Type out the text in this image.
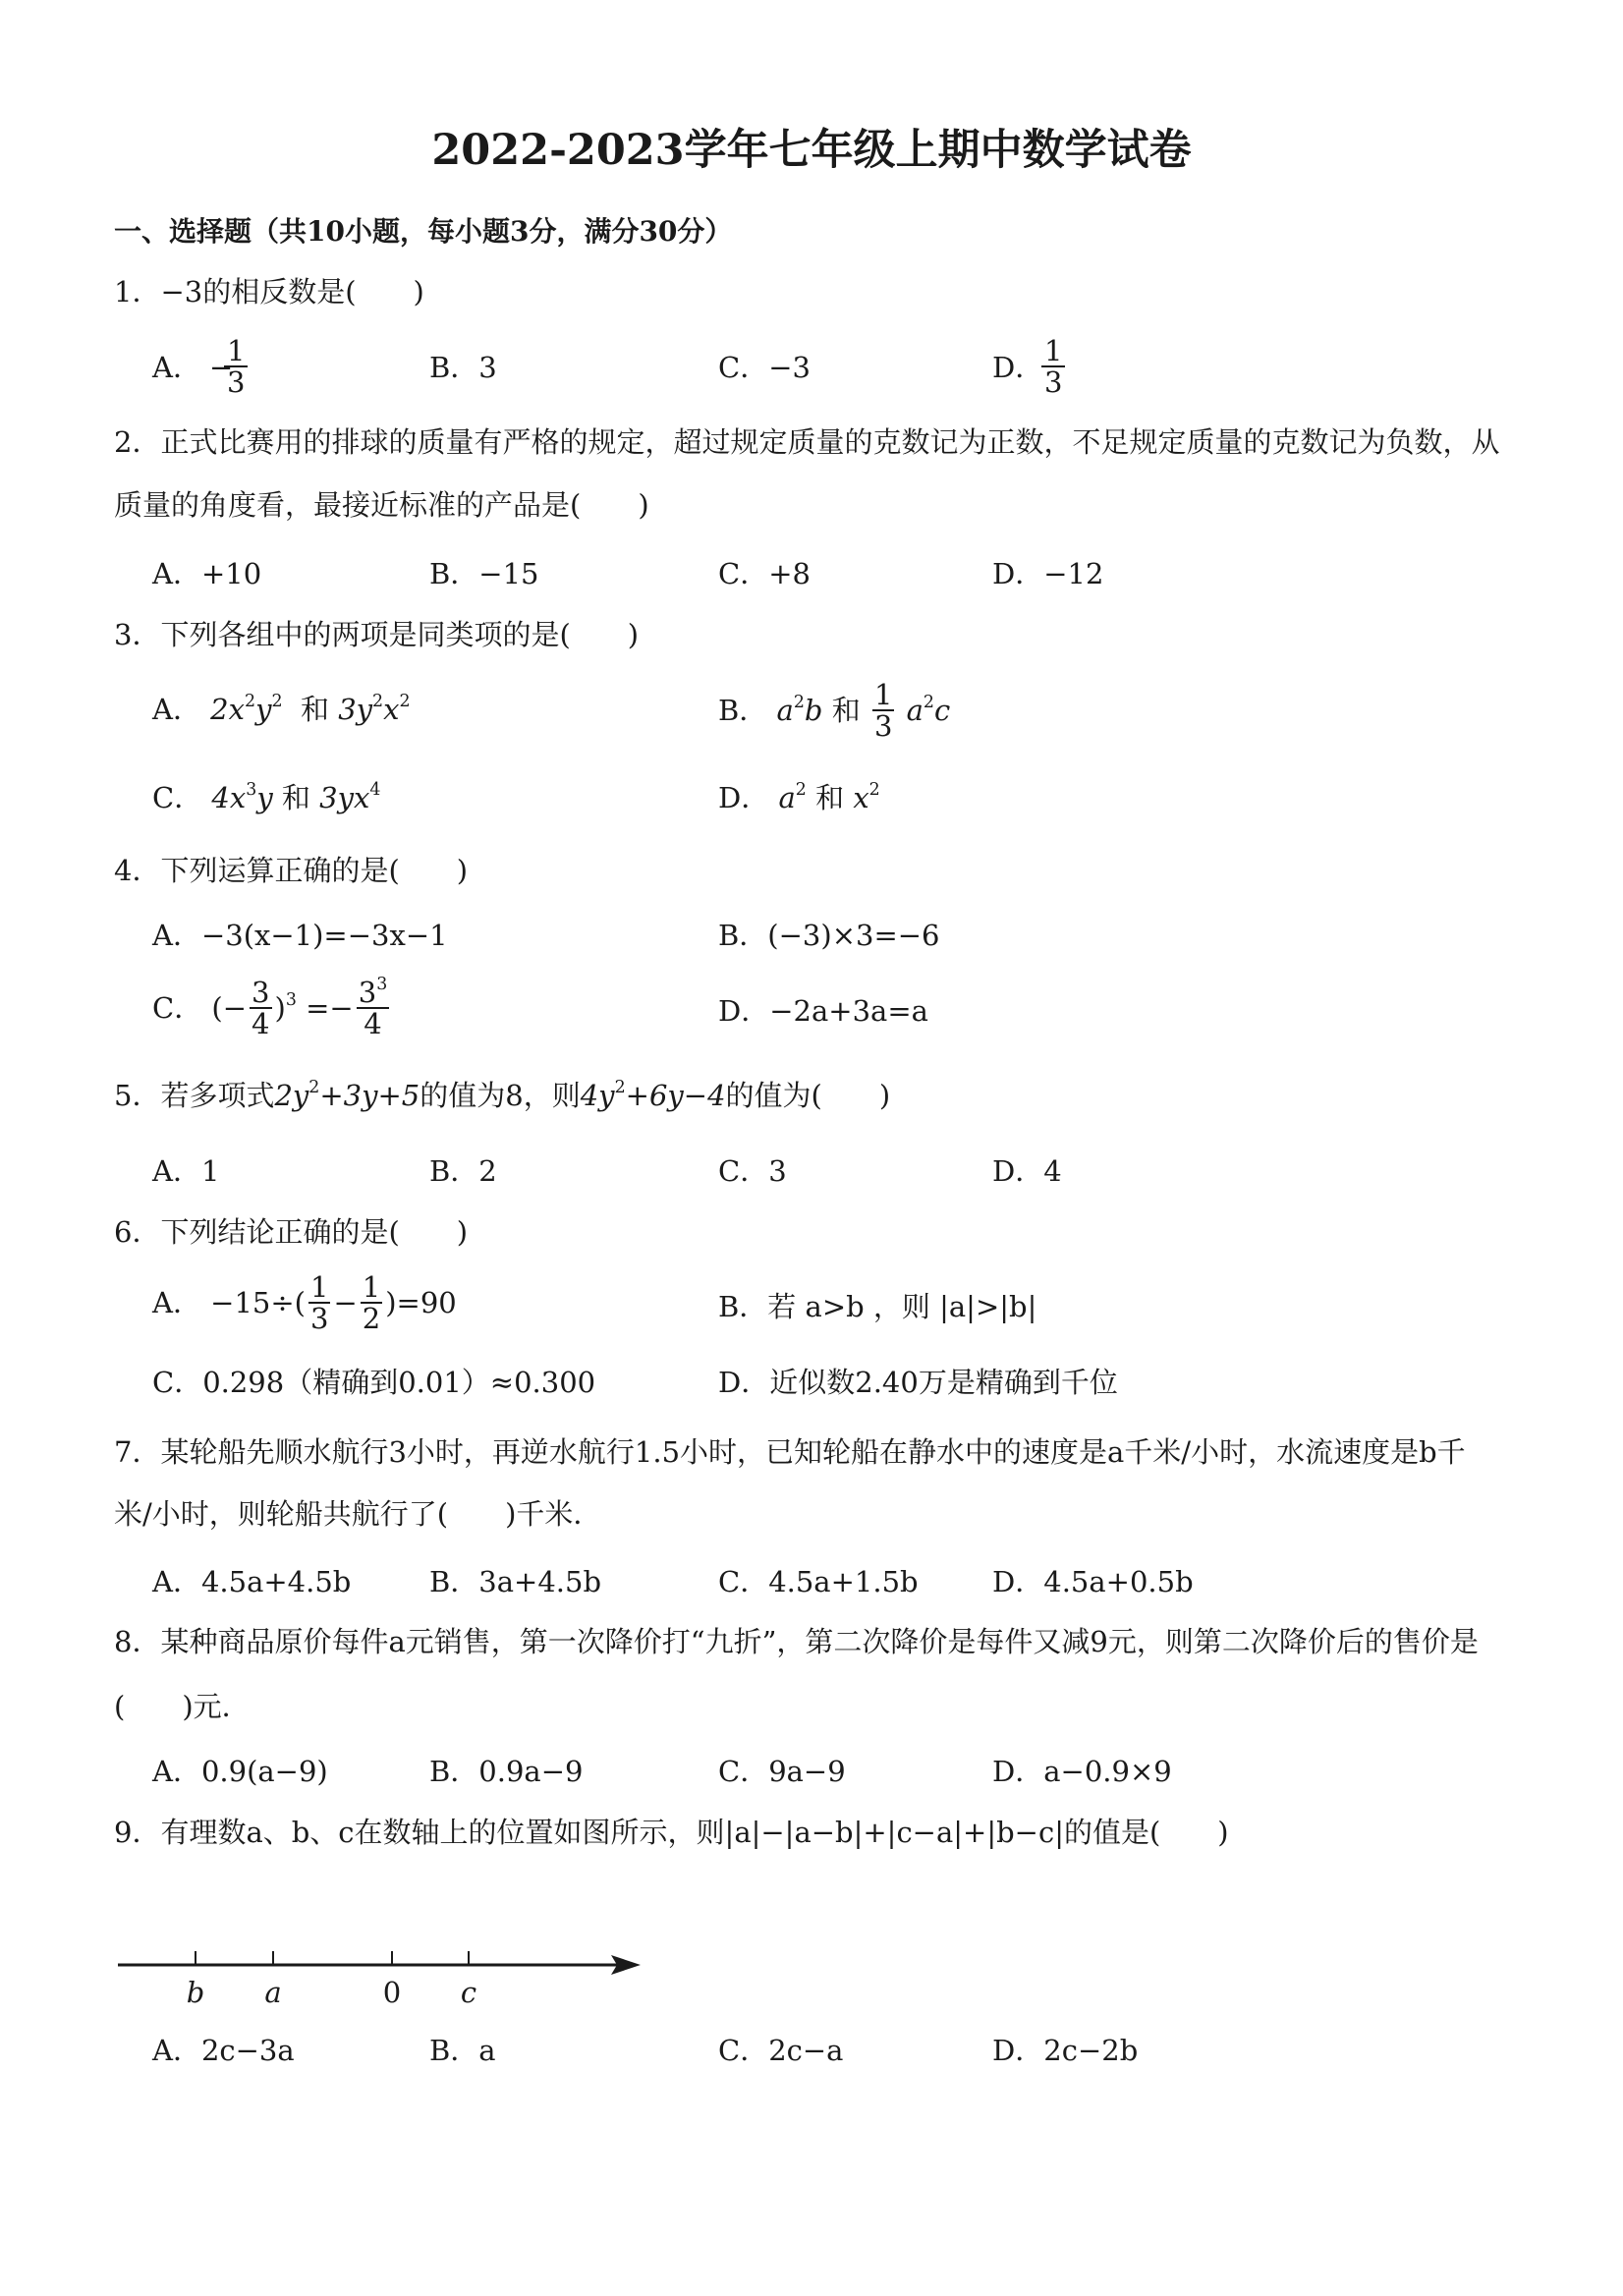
2022-2023学年七年级上期中数学试卷
一、选择题（共10小题，每小题3分，满分30分）
1．−3的相反数是(　　)
A． −
$\frac{1}{3}$	B．3	C．−3	D．
$\frac{1}{3}$
2．正式比赛用的排球的质量有严格的规定，超过规定质量的克数记为正数，不足规定质量的克数记为负数，从
质量的角度看，最接近标准的产品是(　　)
A．+10	B．−15	C．+8	D．−12
3．下列各组中的两项是同类项的是(　　)
A． $2x^2y^2$ 和 $3y^2x^2$	B． $a^2b$ 和 $\frac{1}{3} a^2c$
C． $4x^3y$ 和 $3yx^4$	D． $a^2$ 和 $x^2$
4．下列运算正确的是(　　)
A．−3(x−1)=−3x−1	B．(−3)×3=−6
C． (− $\frac{3}{4} )^3 =- \frac{3^3}{4}$	D．−2a+3a=a
5．若多项式$2y^2+3y+5$的值为8，则$4y^2+6y-4$的值为(　　)
A．1	B．2	C．3	D．4
6．下列结论正确的是(　　)
A． $-15\div( \frac{1}{3} - \frac{1}{2} )=90$	B．若 a>b ，则 |a|>|b|
C．0.298（精确到0.01）≈0.300	D．近似数2.40万是精确到千位
7．某轮船先顺水航行3小时，再逆水航行1.5小时，已知轮船在静水中的速度是a千米/小时，水流速度是b千
米/小时，则轮船共航行了(　　)千米．
A．4.5a+4.5b	B．3a+4.5b	C．4.5a+1.5b	D．4.5a+0.5b
8．某种商品原价每件a元销售，第一次降价打“九折”，第二次降价是每件又减9元，则第二次降价后的售价是
(　　)元．
A．0.9(a−9)	B．0.9a−9	C．9a−9	D．a−0.9×9
9．有理数a、b、c在数轴上的位置如图所示，则|a|−|a−b|+|c−a|+|b−c|的值是(　　)
b a	0 c
A．2c−3a	B．a	C．2c−a	D．2c−2b
